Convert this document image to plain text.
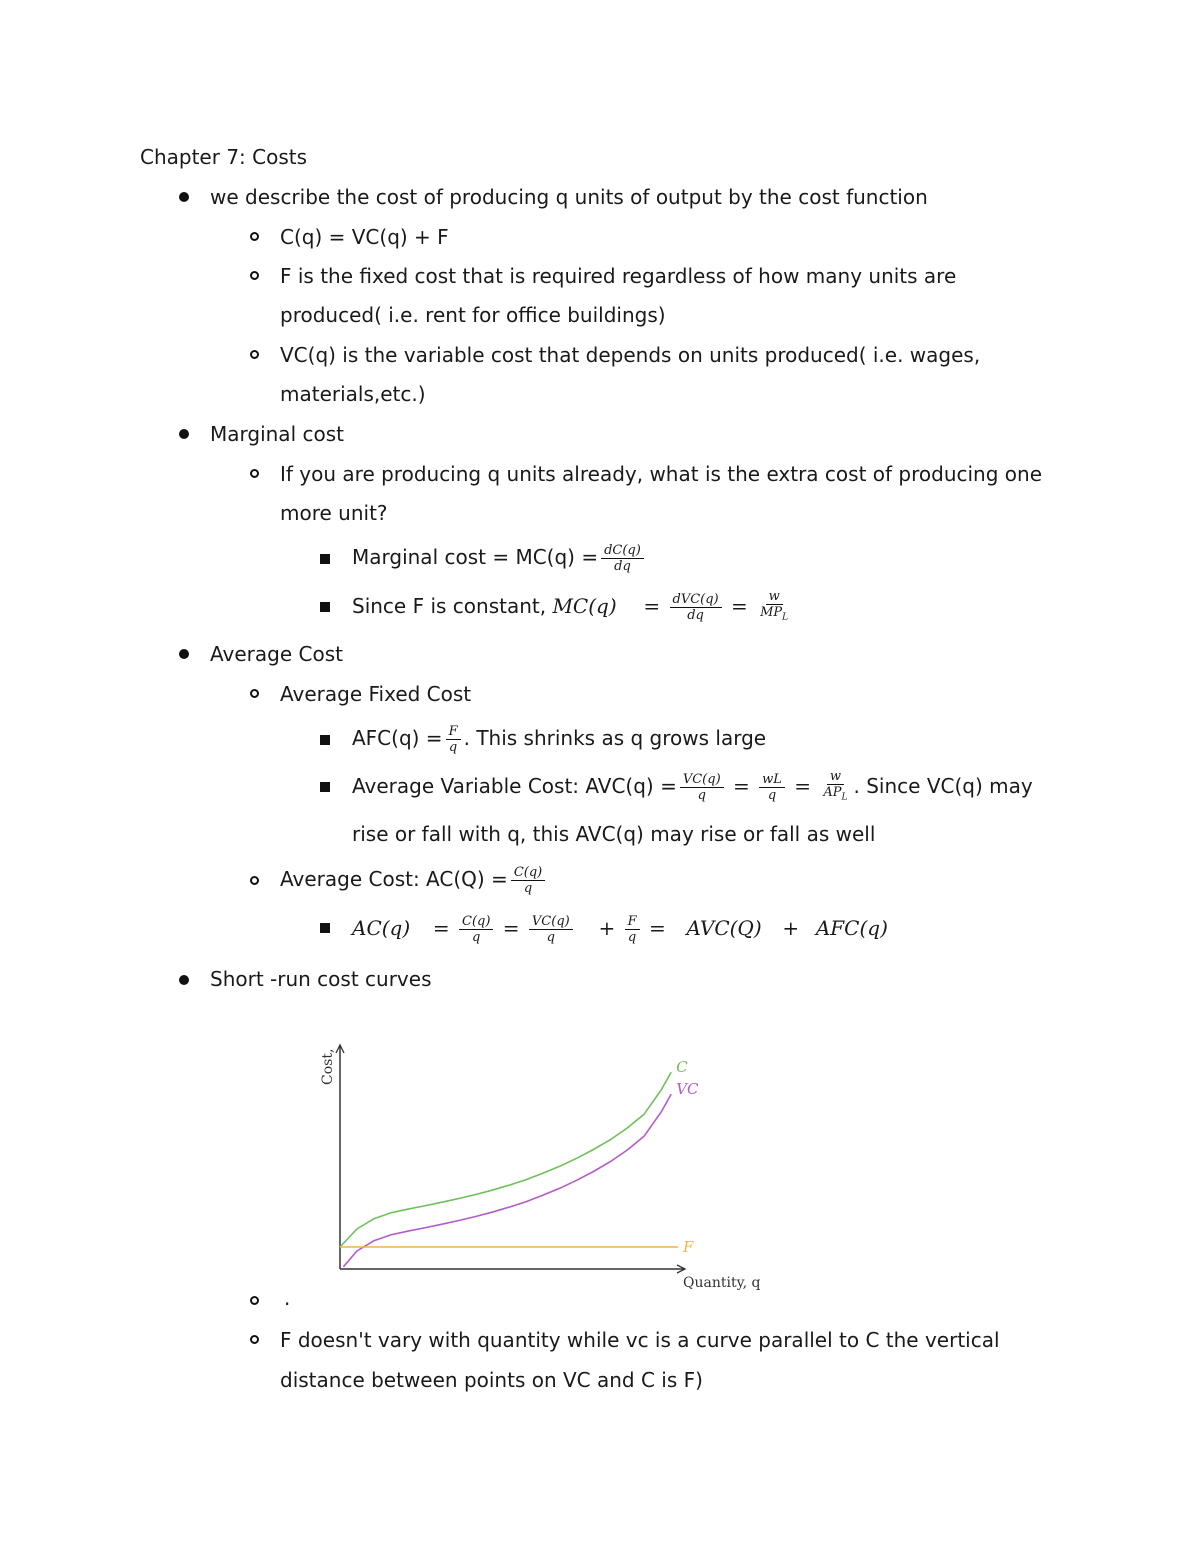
Chapter 7: Costs
we describe the cost of producing q units of output by the cost function
C(q) = VC(q) + F
F is the fixed cost that is required regardless of how many units are
produced( i.e. rent for office buildings)
VC(q) is the variable cost that depends on units produced( i.e. wages,
materials,etc.)
Marginal cost
If you are producing q units already, what is the extra cost of producing one
more unit?
Marginal $\cos t = MC(q) = \frac{dC(q)}{dq}$
Since F is constant, MC(q) = dVC(q)
dq = w
$MP_L$
Average Cost
Average Fixed Cost
$AFC(q) = \frac{F}{q}$ . This shrinks as q grows large
Average Variable Cost: $AVC(q) = \frac{VC(q)}{q} = \frac{wL}{q} = w$
$AP_L$ . Since VC(q) may
rise or fall with q, this AVC(q) may rise or fall as well
Average Cost: $AC(Q) = \frac{C(q)}{q}$
$AC(q) = \frac{C(q)}{q} = \frac{VC(q)}{q} + \frac{F}{q} = AVC(Q) + AFC(q)$
Short -run cost curves
Cost,
Quantity, q
C
VC
F
.
F doesn't vary with quantity while vc is a curve parallel to C the vertical
distance between points on VC and C is F)
